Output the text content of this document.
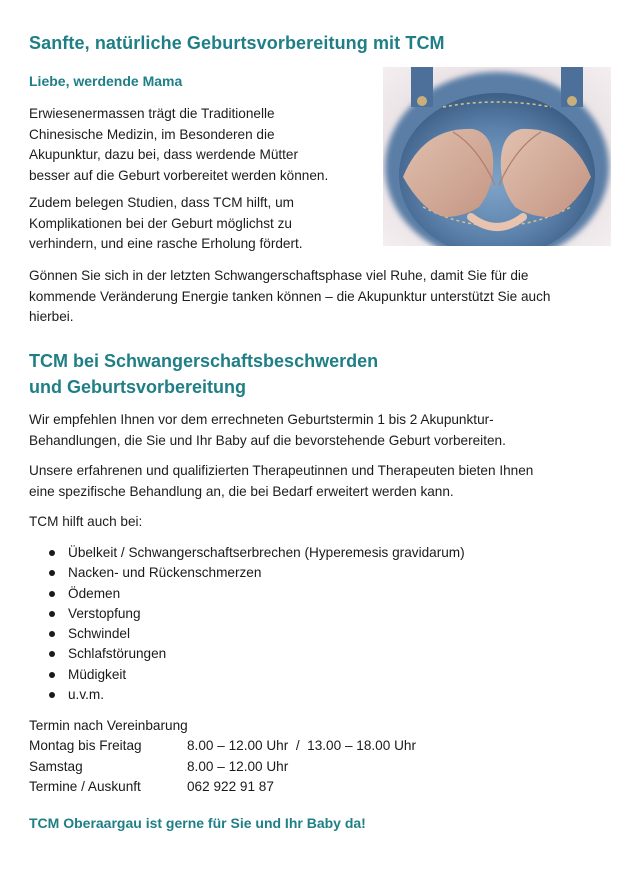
Sanfte, natürliche Geburtsvorbereitung mit TCM
Liebe, werdende Mama

Erwiesenermassen trägt die Traditionelle
Chinesische Medizin, im Besonderen die
Akupunktur, dazu bei, dass werdende Mütter
besser auf die Geburt vorbereitet werden können.

Zudem belegen Studien, dass TCM hilft, um
Komplikationen bei der Geburt möglichst zu
verhindern, und eine rasche Erholung fördert.

Gönnen Sie sich in der letzten Schwangerschaftsphase viel Ruhe, damit Sie für die
kommende Veränderung Energie tanken können – die Akupunktur unterstützt Sie auch
hierbei.

TCM bei Schwangerschaftsbeschwerden
und Geburtsvorbereitung

Wir empfehlen Ihnen vor dem errechneten Geburtstermin 1 bis 2 Akupunktur-
Behandlungen, die Sie und Ihr Baby auf die bevorstehende Geburt vorbereiten.

Unsere erfahrenen und qualifizierten Therapeutinnen und Therapeuten bieten Ihnen
eine spezifische Behandlung an, die bei Bedarf erweitert werden kann.

TCM hilft auch bei:

Übelkeit / Schwangerschaftserbrechen (Hyperemesis gravidarum)
Nacken- und Rückenschmerzen
Ödemen
Verstopfung
Schwindel
Schlafstörungen
Müdigkeit
u.v.m.
Termin nach Vereinbarung
Montag bis Freitag	8.00 – 12.00 Uhr  /  13.00 – 18.00 Uhr
Samstag	8.00 – 12.00 Uhr
Termine / Auskunft	062 922 91 87

TCM Oberaargau ist gerne für Sie und Ihr Baby da!
